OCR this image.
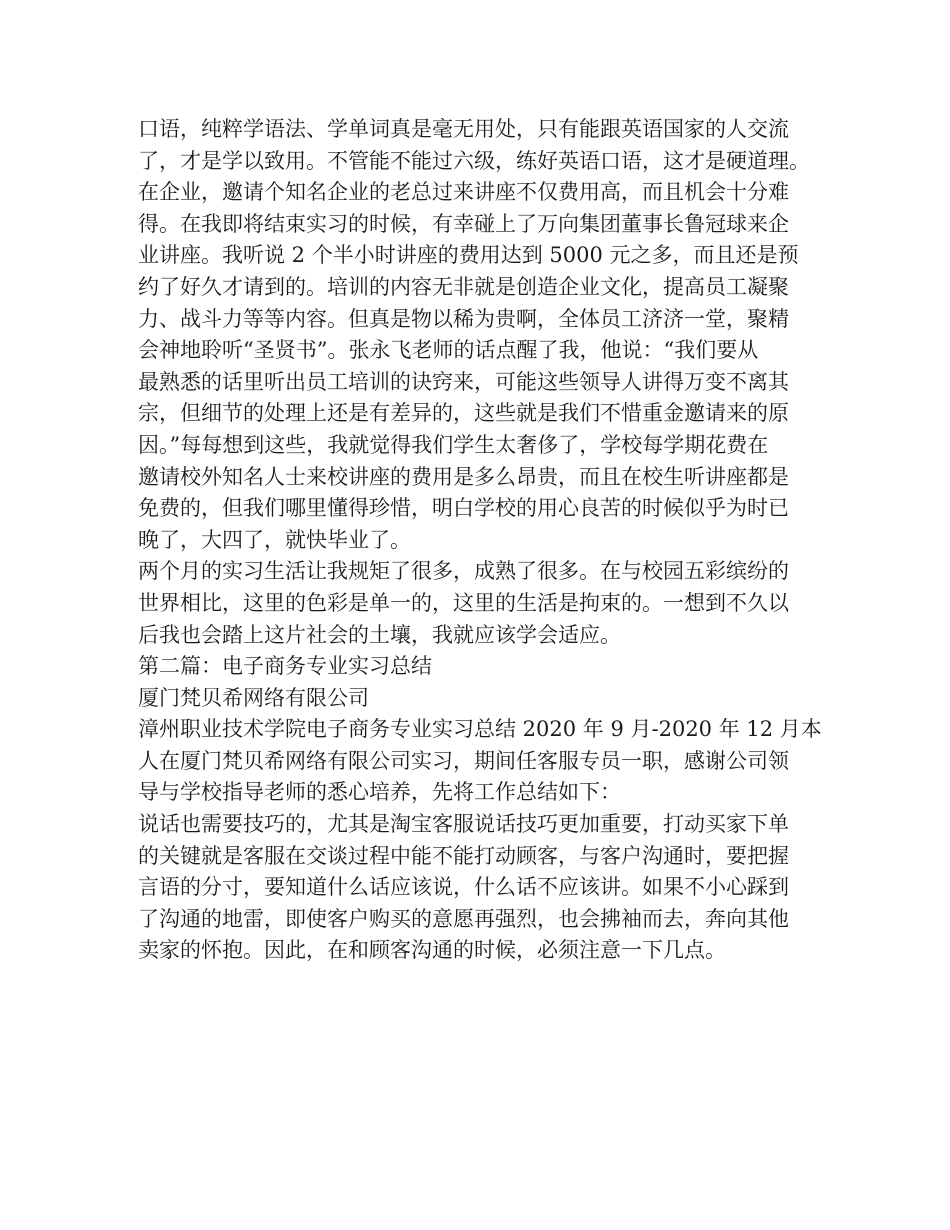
口语，纯粹学语法、学单词真是毫无用处，只有能跟英语国家的人交流
了，才是学以致用。不管能不能过六级，练好英语口语，这才是硬道理。
在企业，邀请个知名企业的老总过来讲座不仅费用高，而且机会十分难
得。在我即将结束实习的时候，有幸碰上了万向集团董事长鲁冠球来企
业讲座。我听说 2 个半小时讲座的费用达到 5000 元之多，而且还是预
约了好久才请到的。培训的内容无非就是创造企业文化，提高员工凝聚
力、战斗力等等内容。但真是物以稀为贵啊，全体员工济济一堂，聚精
会神地聆听“圣贤书”。张永飞老师的话点醒了我，他说：“我们要从
最熟悉的话里听出员工培训的诀窍来，可能这些领导人讲得万变不离其
宗，但细节的处理上还是有差异的，这些就是我们不惜重金邀请来的原
因。”每每想到这些，我就觉得我们学生太奢侈了，学校每学期花费在
邀请校外知名人士来校讲座的费用是多么昂贵，而且在校生听讲座都是
免费的，但我们哪里懂得珍惜，明白学校的用心良苦的时候似乎为时已
晚了，大四了，就快毕业了。
两个月的实习生活让我规矩了很多，成熟了很多。在与校园五彩缤纷的
世界相比，这里的色彩是单一的，这里的生活是拘束的。一想到不久以
后我也会踏上这片社会的土壤，我就应该学会适应。
第二篇：电子商务专业实习总结
厦门梵贝希网络有限公司
漳州职业技术学院电子商务专业实习总结 2020 年 9 月-2020 年 12 月本
人在厦门梵贝希网络有限公司实习，期间任客服专员一职，感谢公司领
导与学校指导老师的悉心培养，先将工作总结如下：
说话也需要技巧的，尤其是淘宝客服说话技巧更加重要，打动买家下单
的关键就是客服在交谈过程中能不能打动顾客，与客户沟通时，要把握
言语的分寸，要知道什么话应该说，什么话不应该讲。如果不小心踩到
了沟通的地雷，即使客户购买的意愿再强烈，也会拂袖而去，奔向其他
卖家的怀抱。因此，在和顾客沟通的时候，必须注意一下几点。
